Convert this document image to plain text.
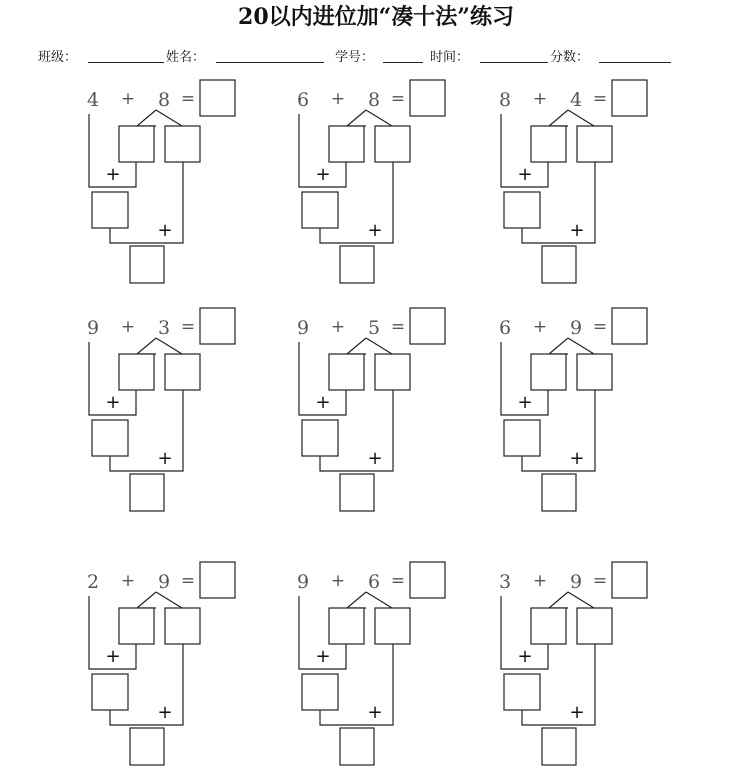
20以内进位加“凑十法”练习
班级：	姓名：	学号：	时间：	分数：
4 + 8 =
+
+
6 + 8 =
+
+
8 + 4 =
+
+
9 + 3 =
+
+
9 + 5 =
+
+
6 + 9 =
+
+
2 + 9 =
+
+
9 + 6 =
+
+
3 + 9 =
+
+
